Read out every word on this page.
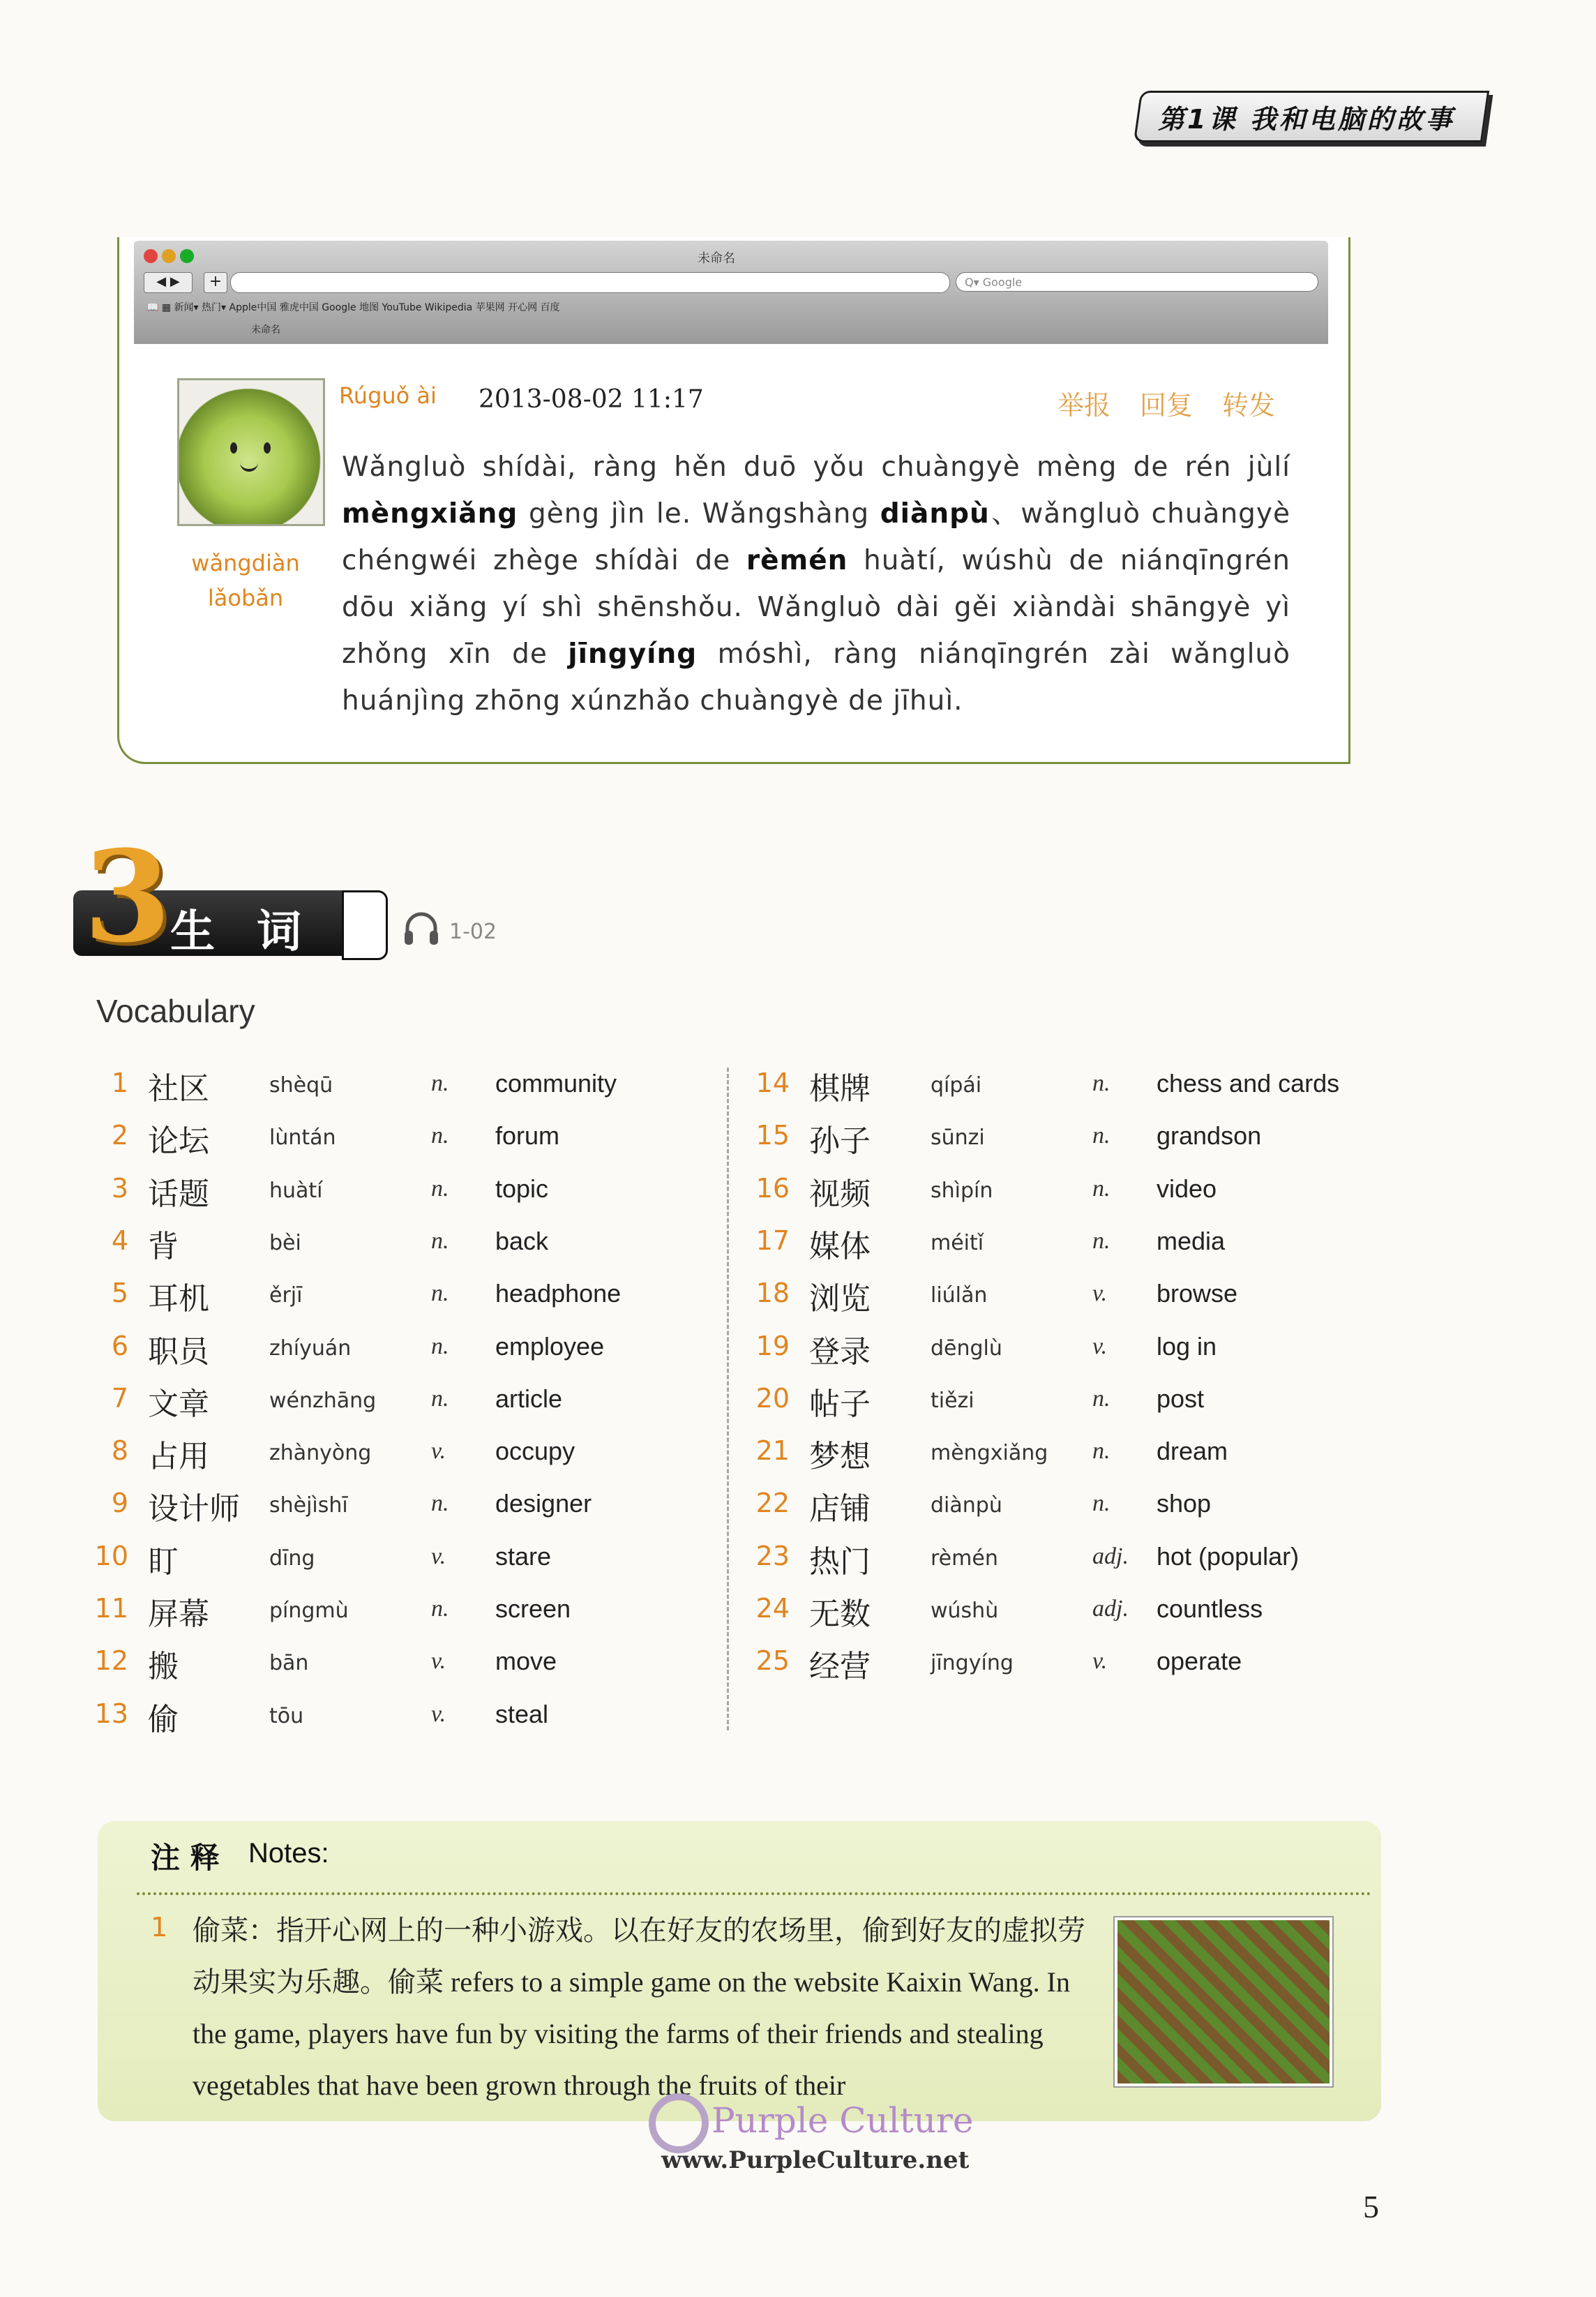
第1课 我和电脑的故事
未命名
◀ ▶	+	Q▾ Google
📖 ▦ 新闻▾ 热门▾ Apple中国 雅虎中国 Google 地图 YouTube Wikipedia 苹果网 开心网 百度
未命名
Rúguǒ ài 2013-08-02 11:17	举报 回复 转发
wǎngdiàn
lǎobǎn
Wǎngluò shídài, ràng hěn duō yǒu chuàngyè mèng de rén jùlí mèngxiǎng gèng jìn le. Wǎngshàng diànpù、wǎngluò chuàngyè chéngwéi zhège shídài de rèmén huàtí, wúshù de niánqīngrén dōu xiǎng yí shì shēnshǒu. Wǎngluò dài gěi xiàndài shāngyè yì zhǒng xīn de jīngyíng móshì, ràng niánqīngrén zài wǎngluò huánjìng zhōng xúnzhǎo chuàngyè de jīhuì.
3
生词	1-02
Vocabulary
1 社区	shèqū	n. community
2 论坛	lùntán	n. forum
3 话题	huàtí	n. topic
4 背	bèi	n. back
5 耳机	ěrjī	n. headphone
6 职员	zhíyuán	n. employee
7 文章	wénzhāng n. article
8 占用	zhànyòng	v. occupy
9 设计师 shèjìshī	n. designer
10 盯	dīng	v. stare
11 屏幕	píngmù	n. screen
12 搬	bān	v. move
13 偷	tōu	v. steal
14 棋牌	qípái	n. chess and cards
15 孙子	sūnzi	n. grandson
16 视频	shìpín	n. video
17 媒体	méitǐ	n. media
18 浏览	liúlǎn	v. browse
19 登录	dēnglù	v. log in
20 帖子	tiězi	n. post
21 梦想	mèngxiǎng n. dream
22 店铺	diànpù	n. shop
23 热门	rèmén	adj. hot (popular)
24 无数	wúshù	adj. countless
25 经营	jīngyíng	v. operate
注 释 Notes:
1 偷菜：指开心网上的一种小游戏。以在好友的农场里，偷到好友的虚拟劳动果实为乐趣。偷菜 refers to a simple game on the website Kaixin Wang. In the game, players have fun by visiting the farms of their friends and stealing vegetables that have been grown through the fruits of their
Purple Culture
www.PurpleCulture.net
5
